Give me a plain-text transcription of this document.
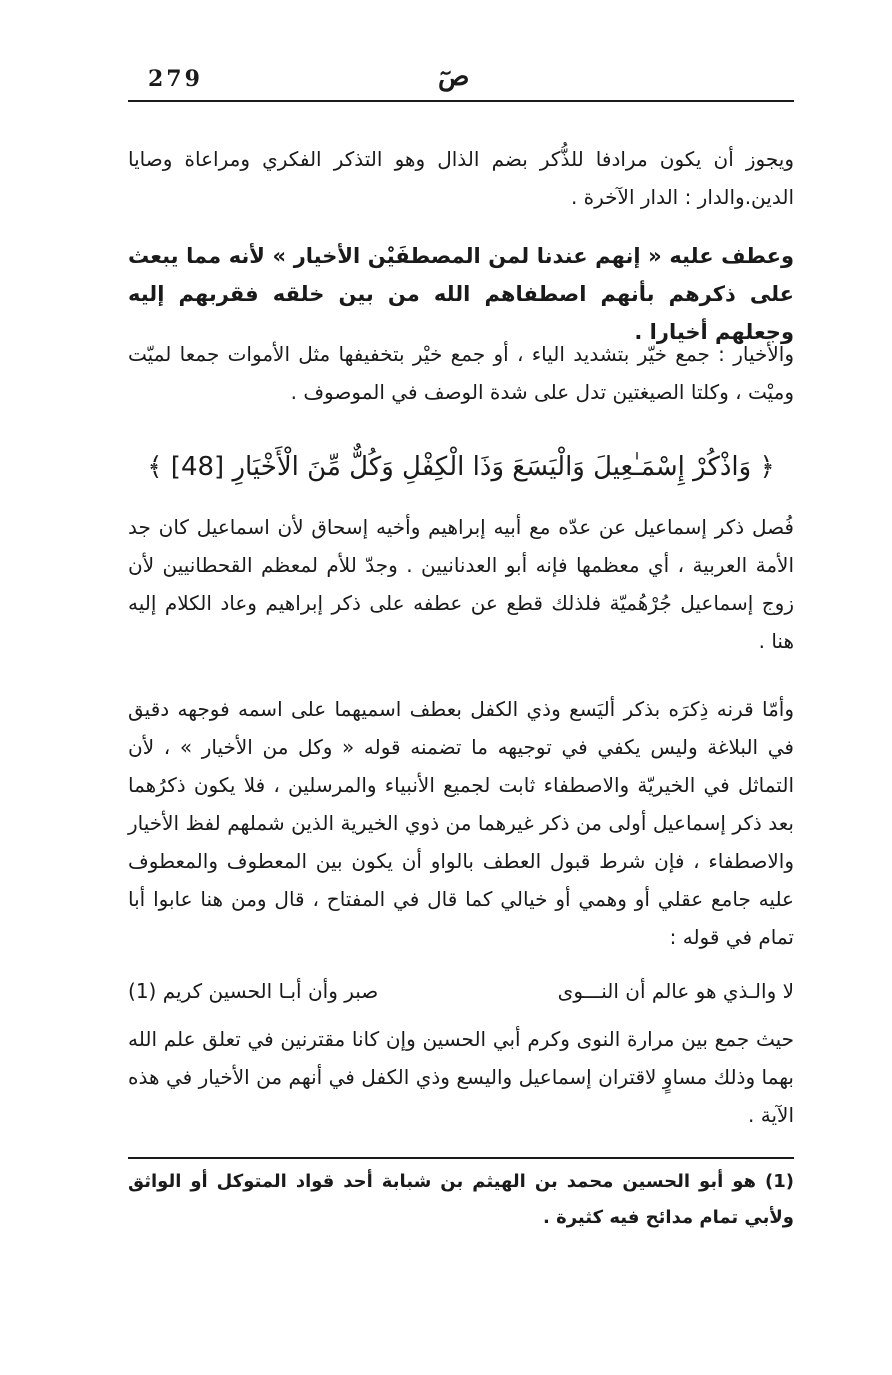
279	صٓ

ويجوز أن يكون مرادفا للذُّكر بضم الذال وهو التذكر الفكري ومراعاة وصايا الدين.والدار : الدار الآخرة .

وعطف عليه « إنهم عندنا لمن المصطفَيْن الأخيار » لأنه مما يبعث على ذكرهم بأنهم اصطفاهم الله من بين خلقه فقربهم إليه وجعلهم أخيارا .

والأخيار : جمع خيّر بتشديد الياء ، أو جمع خيْر بتخفيفها مثل الأموات جمعا لميّت وميْت ، وكلتا الصيغتين تدل على شدة الوصف في الموصوف .

﴿ وَاذْكُرْ إِسْمَـٰعِيلَ وَالْيَسَعَ وَذَا الْكِفْلِ وَكُلٌّ مِّنَ الْأَخْيَارِ [48] ﴾

فُصل ذكر إسماعيل عن عدّه مع أبيه إبراهيم وأخيه إسحاق لأن اسماعيل كان جد الأمة العربية ، أي معظمها فإنه أبو العدنانيين . وجدّ للأم لمعظم القحطانيين لأن زوج إسماعيل جُرْهُميّة فلذلك قطع عن عطفه على ذكر إبراهيم وعاد الكلام إليه هنا .

وأمّا قرنه ذِكرَه بذكر أليَسع وذي الكفل بعطف اسميهما على اسمه فوجهه دقيق في البلاغة وليس يكفي في توجيهه ما تضمنه قوله « وكل من الأخيار » ، لأن التماثل في الخيريّة والاصطفاء ثابت لجميع الأنبياء والمرسلين ، فلا يكون ذكرُهما بعد ذكر إسماعيل أولى من ذكر غيرهما من ذوي الخيرية الذين شملهم لفظ الأخيار والاصطفاء ، فإن شرط قبول العطف بالواو أن يكون بين المعطوف والمعطوف عليه جامع عقلي أو وهمي أو خيالي كما قال في المفتاح ، قال ومن هنا عابوا أبا تمام في قوله :

لا والـذي هو عالم أن النـــوى
صبر وأن أبـا الحسين كريم (1)

حيث جمع بين مرارة النوى وكرم أبي الحسين وإن كانا مقترنين في تعلق علم الله بهما وذلك مساوٍ لاقتران إسماعيل واليسع وذي الكفل في أنهم من الأخيار في هذه الآية .

(1) هو أبو الحسين محمد بن الهيثم بن شبابة أحد قواد المتوكل أو الواثق ولأبي تمام مدائح فيه كثيرة .
